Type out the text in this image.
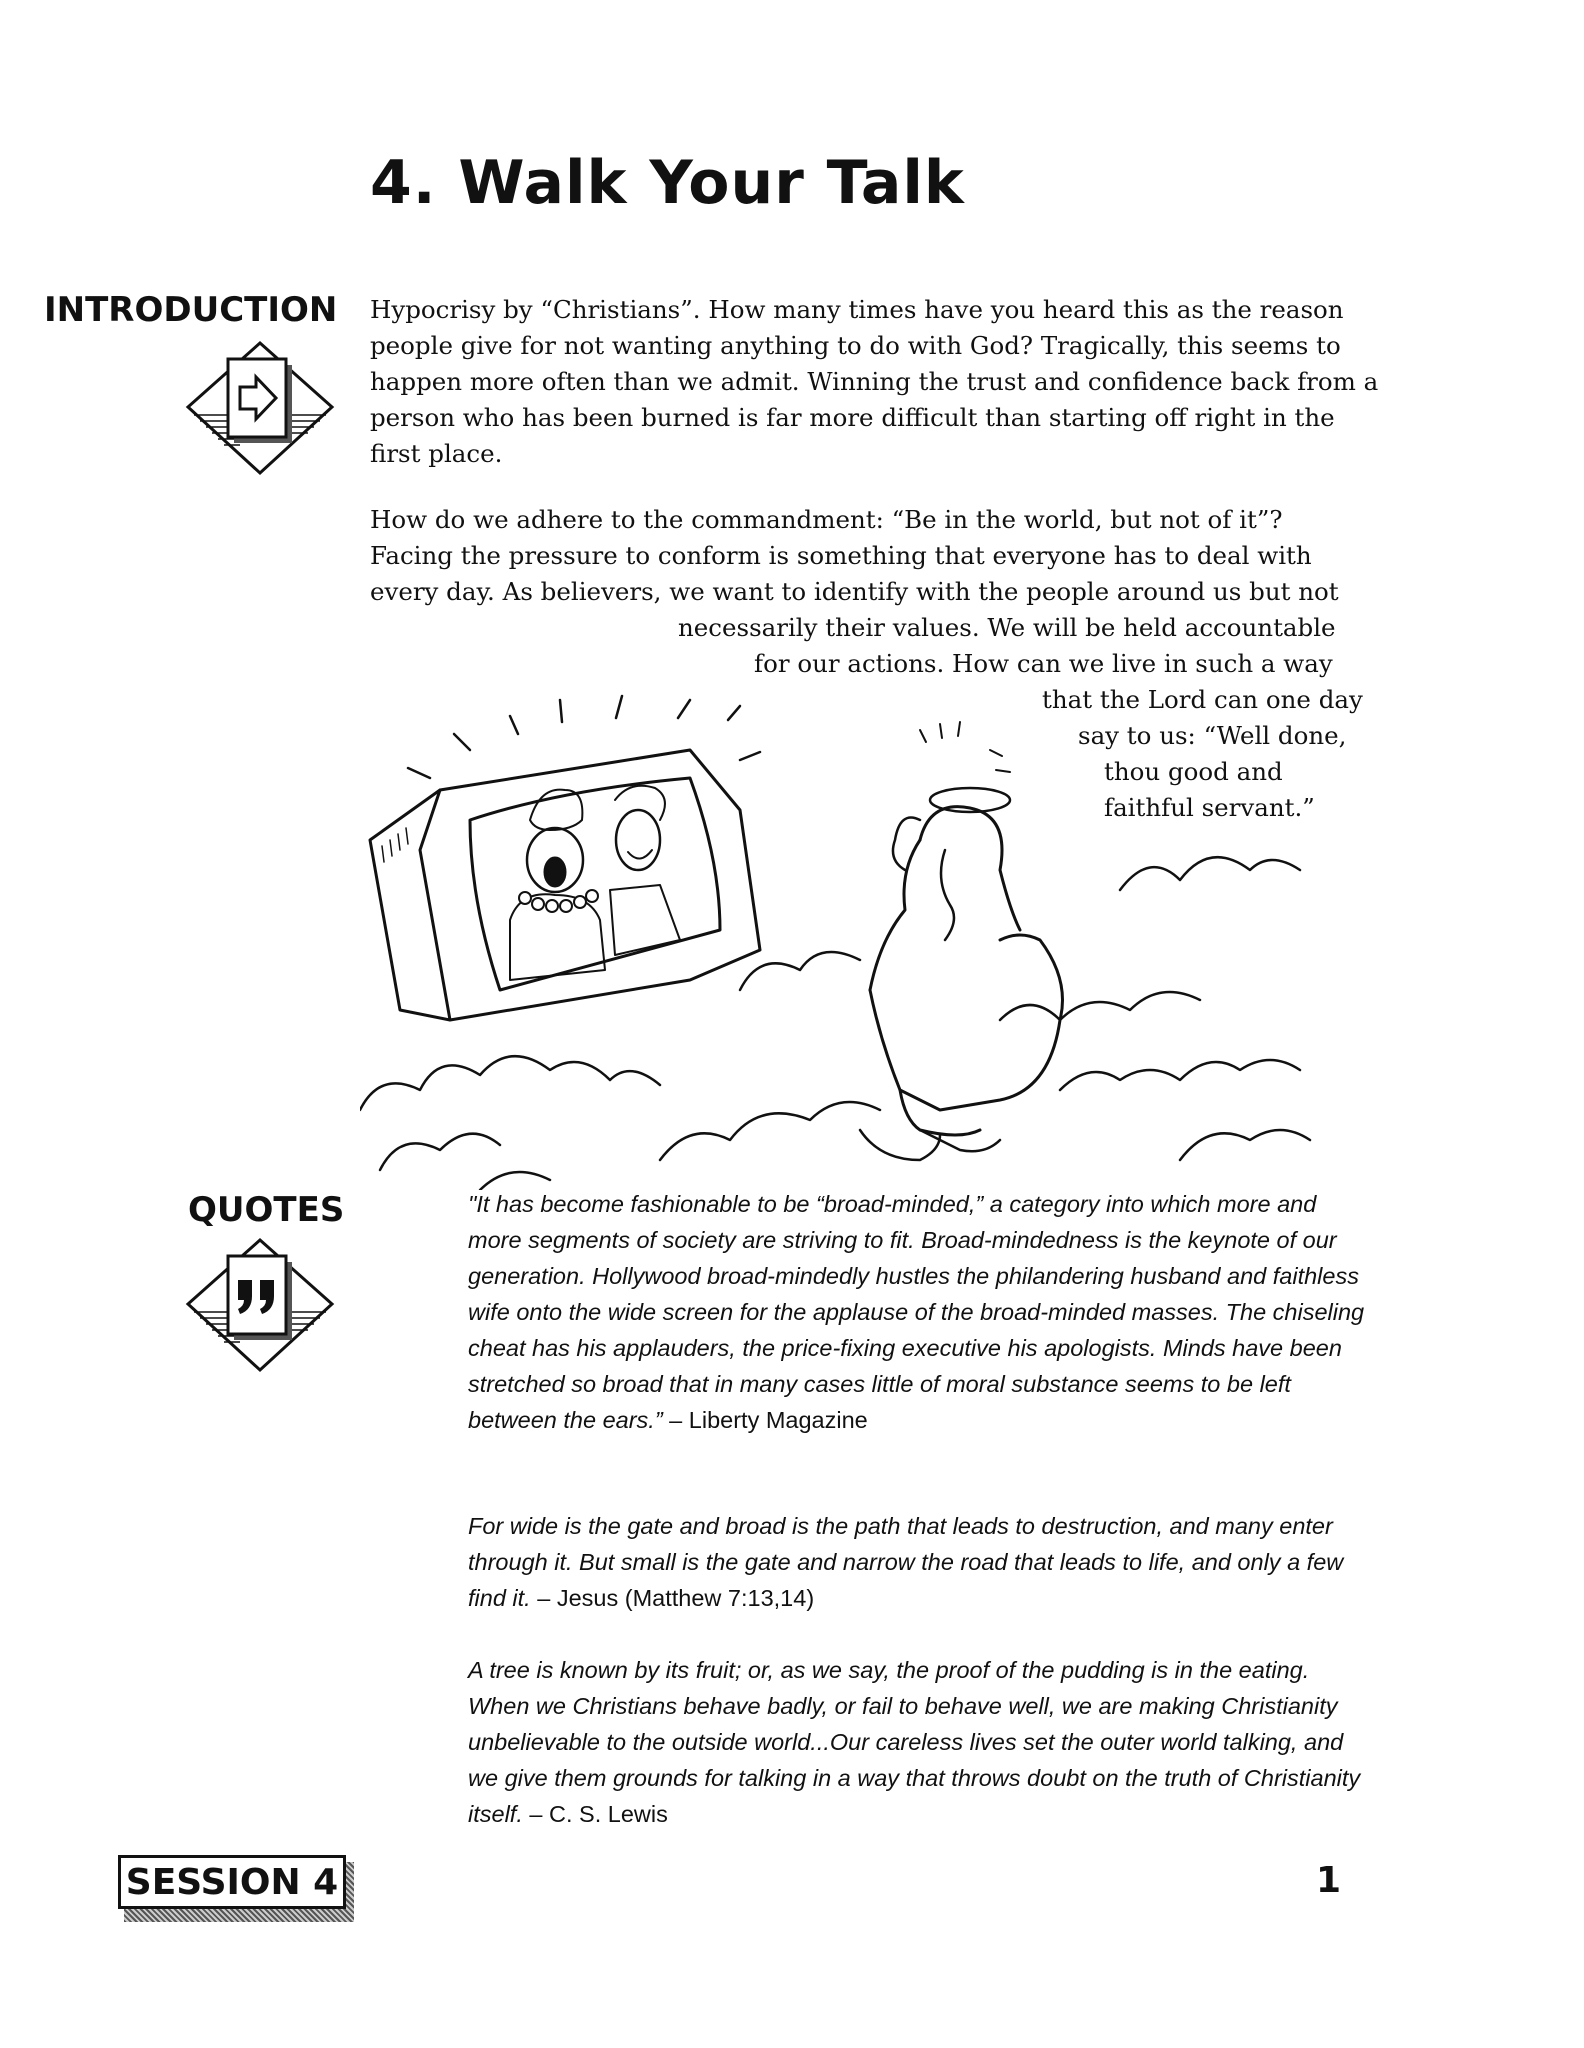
4. Walk Your Talk
INTRODUCTION Hypocrisy by “Christians”. How many times have you heard this as the reason people give for not wanting anything to do with God? Tragically, this seems to happen more often than we admit. Winning the trust and confidence back from a person who has been burned is far more difficult than starting off right in the first place.

How do we adhere to the commandment: “Be in the world, but not of it”?
Facing the pressure to conform is something that everyone has to deal with
every day. As believers, we want to identify with the people around us but not
necessarily their values. We will be held accountable
for our actions. How can we live in such a way
that the Lord can one day
say to us: “Well done,
thou good and
faithful servant.”
QUOTES	"It has become fashionable to be “broad-minded,” a category into which more and more segments of society are striving to fit. Broad-mindedness is the keynote of our generation. Hollywood broad-mindedly hustles the philandering husband and faithless wife onto the wide screen for the applause of the broad-minded masses. The chiseling cheat has his applauders, the price-fixing executive his apologists. Minds have been stretched so broad that in many cases little of moral substance seems to be left between the ears.” – Liberty Magazine

For wide is the gate and broad is the path that leads to destruction, and many enter through it. But small is the gate and narrow the road that leads to life, and only a few find it. – Jesus (Matthew 7:13,14)

A tree is known by its fruit; or, as we say, the proof of the pudding is in the eating. When we Christians behave badly, or fail to behave well, we are making Christianity unbelievable to the outside world...Our careless lives set the outer world talking, and we give them grounds for talking in a way that throws doubt on the truth of Christianity itself. – C. S. Lewis

SESSION 4	1
